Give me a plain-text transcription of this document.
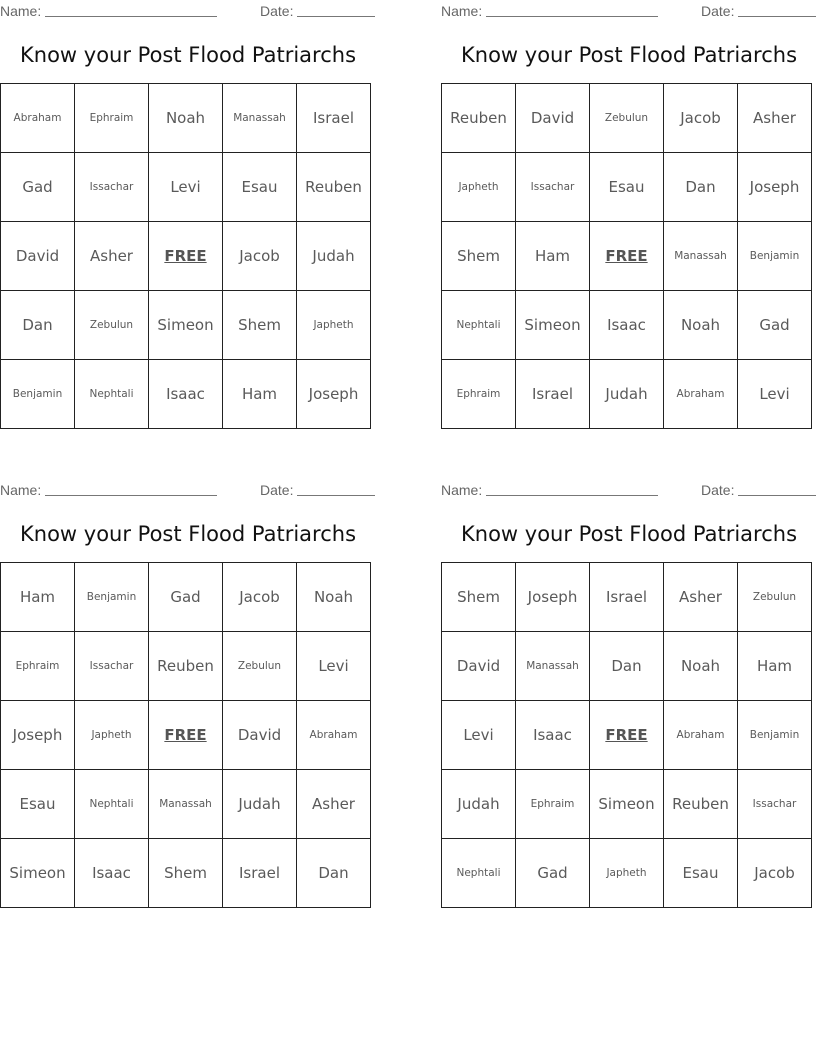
Name:	Date:
Know your Post Flood Patriarchs
Abraham	Ephraim	Noah	Manassah	Israel
Gad	Issachar	Levi	Esau	Reuben
David	Asher	FREE	Jacob	Judah
Dan	Zebulun	Simeon	Shem	Japheth
Benjamin	Nephtali	Isaac	Ham	Joseph
Name:	Date:
Know your Post Flood Patriarchs
Reuben	David	Zebulun	Jacob	Asher
Japheth	Issachar	Esau	Dan	Joseph
Shem	Ham	FREE	Manassah	Benjamin
Nephtali	Simeon	Isaac	Noah	Gad
Ephraim	Israel	Judah	Abraham	Levi
Name:	Date:
Know your Post Flood Patriarchs
Ham	Benjamin	Gad	Jacob	Noah
Ephraim	Issachar	Reuben	Zebulun	Levi
Joseph	Japheth	FREE	David	Abraham
Esau	Nephtali	Manassah	Judah	Asher
Simeon	Isaac	Shem	Israel	Dan
Name:	Date:
Know your Post Flood Patriarchs
Shem	Joseph	Israel	Asher	Zebulun
David	Manassah	Dan	Noah	Ham
Levi	Isaac	FREE	Abraham	Benjamin
Judah	Ephraim	Simeon	Reuben	Issachar
Nephtali	Gad	Japheth	Esau	Jacob
